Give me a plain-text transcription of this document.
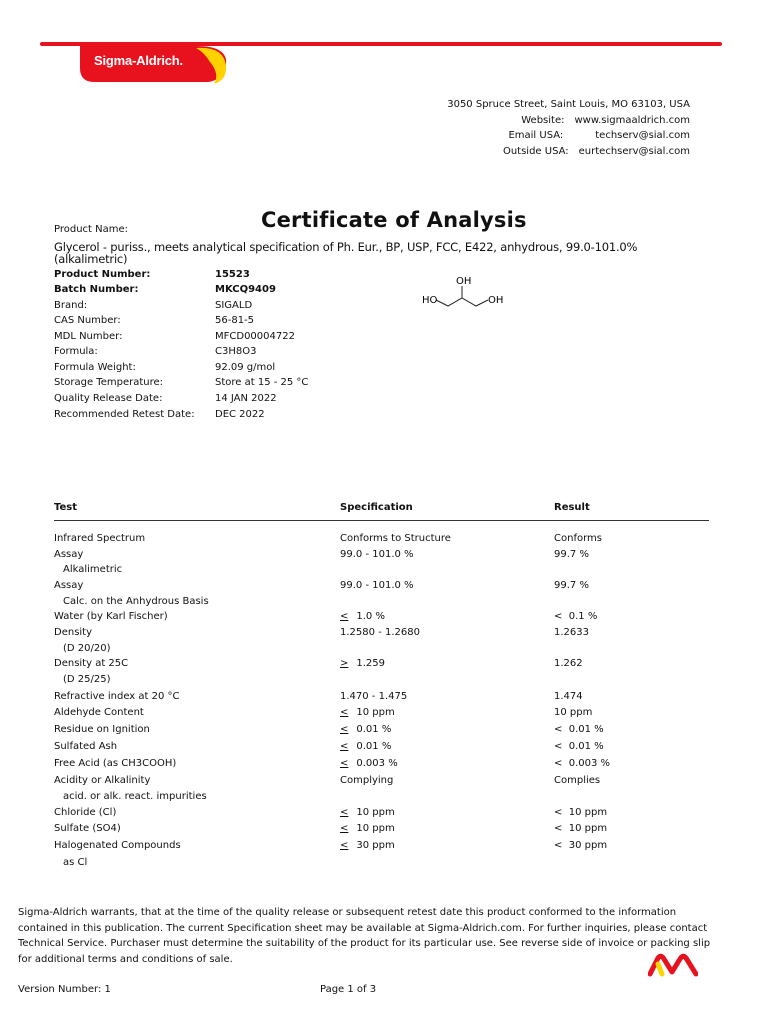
Sigma-Aldrich.
3050 Spruce Street, Saint Louis, MO 63103, USA
Website: www.sigmaaldrich.com
Email USA:	techserv@sial.com
Outside USA: eurtechserv@sial.com
Product Name:	Certificate of Analysis
Glycerol - puriss., meets analytical specification of Ph. Eur., BP, USP, FCC, E422, anhydrous, 99.0-101.0% (alkalimetric)
Product Number:	15523
Batch Number:	MKCQ9409
Brand:	SIGALD
CAS Number:	56-81-5
MDL Number:	MFCD00004722
Formula:	C3H8O3
Formula Weight:	92.09 g/mol
Storage Temperature:	Store at 15 - 25 °C
Quality Release Date:	14 JAN 2022
Recommended Retest Date:	DEC 2022
OH
HO	OH
Test	Specification	Result
Infrared Spectrum	Conforms to Structure	Conforms
Assay	99.0 - 101.0 %	99.7 %
Alkalimetric
Assay	99.0 - 101.0 %	99.7 %
Calc. on the Anhydrous Basis
Water (by Karl Fischer)	< 1.0 %	<  0.1 %
Density	1.2580 - 1.2680	1.2633
(D 20/20)
Density at 25C	> 1.259	1.262
(D 25/25)
Refractive index at 20 °C	1.470 - 1.475	1.474
Aldehyde Content	< 10 ppm	10 ppm
Residue on Ignition	< 0.01 %	<  0.01 %
Sulfated Ash	< 0.01 %	<  0.01 %
Free Acid (as CH3COOH)	< 0.003 %	<  0.003 %
Acidity or Alkalinity	Complying	Complies
acid. or alk. react. impurities
Chloride (Cl)	< 10 ppm	<  10 ppm
Sulfate (SO4)	< 10 ppm	<  10 ppm
Halogenated Compounds	< 30 ppm	<  30 ppm
as Cl
Sigma-Aldrich warrants, that at the time of the quality release or subsequent retest date this product conformed to the information contained in this publication. The current Specification sheet may be available at Sigma-Aldrich.com. For further inquiries, please contact Technical Service. Purchaser must determine the suitability of the product for its particular use. See reverse side of invoice or packing slip for additional terms and conditions of sale.
Version Number: 1	Page 1 of 3
